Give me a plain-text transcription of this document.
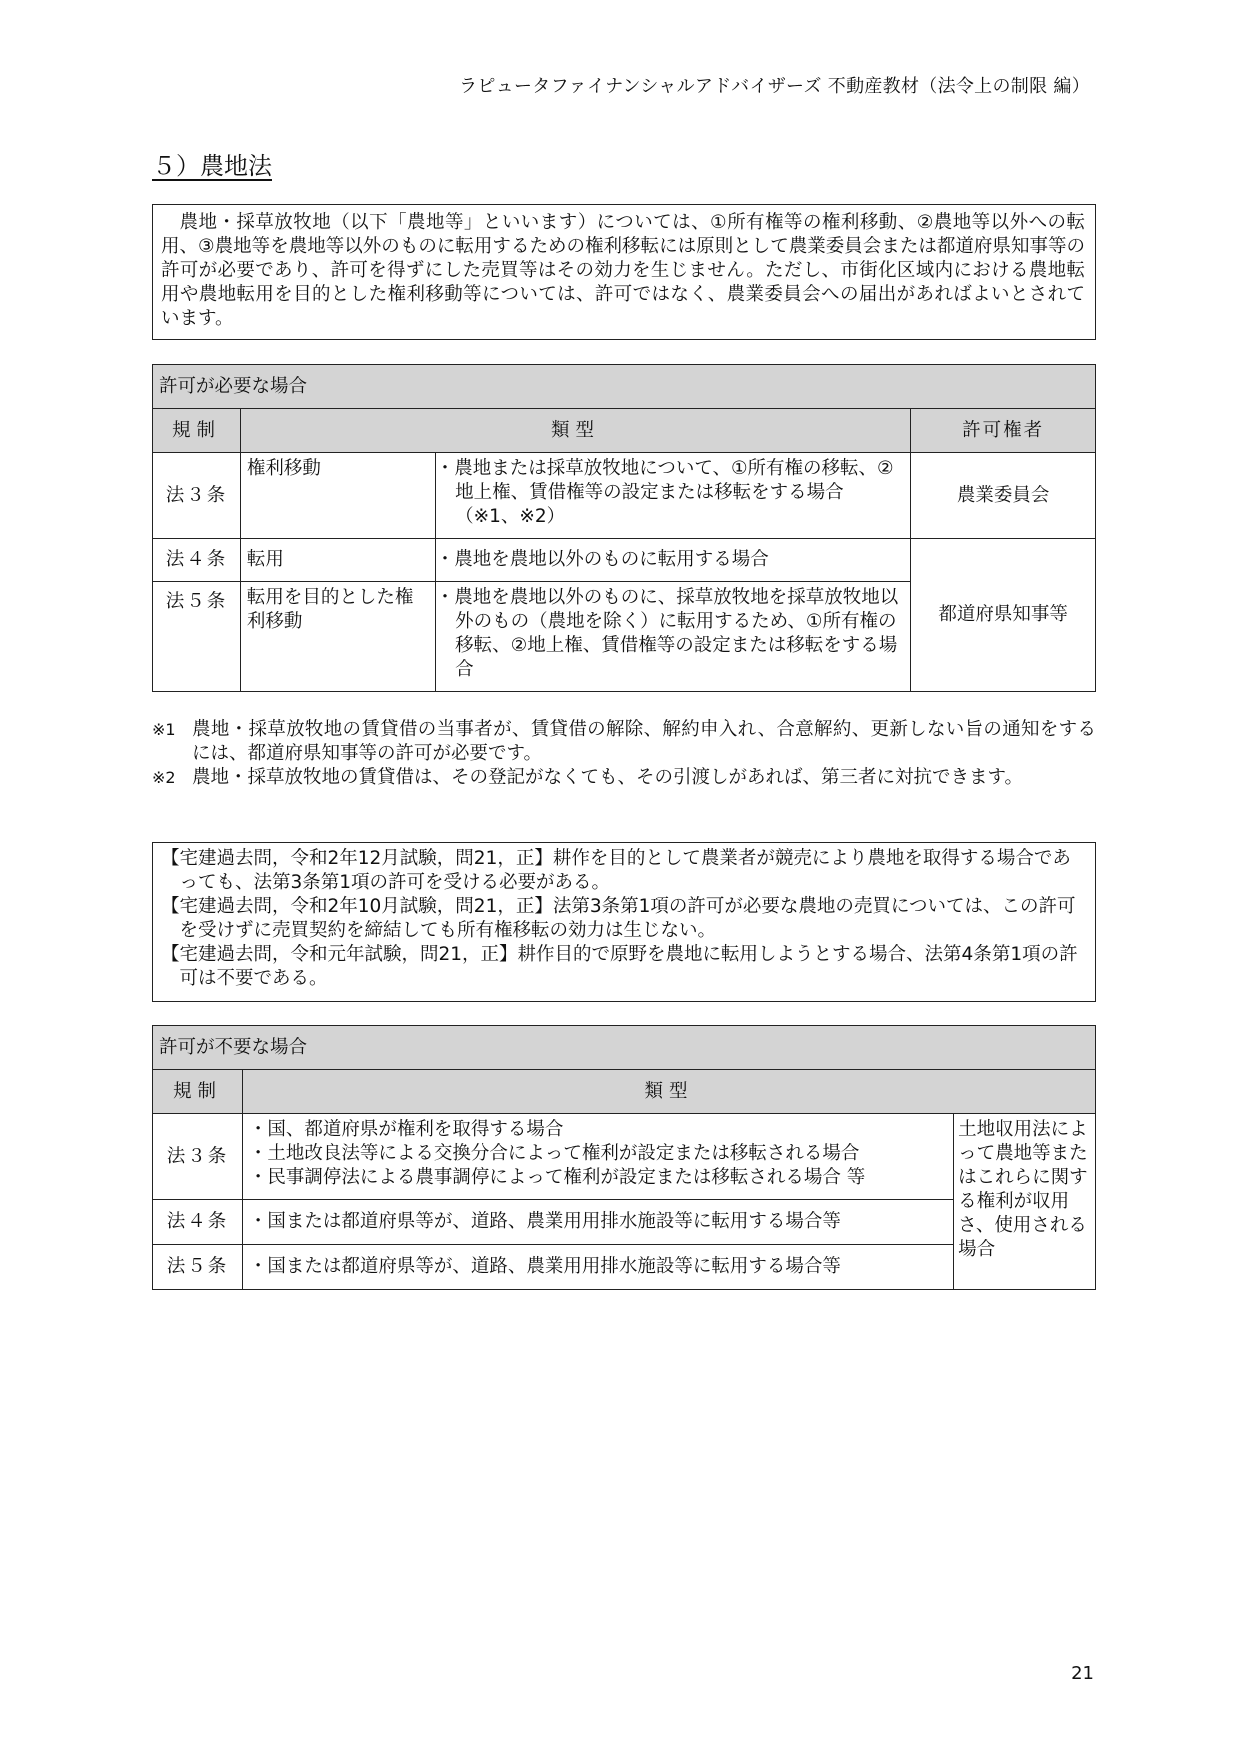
ラピュータファイナンシャルアドバイザーズ 不動産教材（法令上の制限 編）
５）農地法
農地・採草放牧地（以下「農地等」といいます）については、①所有権等の権利移動、②農地等以外への転用、③農地等を農地等以外のものに転用するための権利移転には原則として農業委員会または都道府県知事等の許可が必要であり、許可を得ずにした売買等はその効力を生じません。ただし、市街化区域内における農地転用や農地転用を目的とした権利移動等については、許可ではなく、農業委員会への届出があればよいとされています。
許可が必要な場合			
規制	類型		許可権者
法３条	権利移動	・農地または採草放牧地について、①所有権の移転、②地上権、賃借権等の設定または移転をする場合（※1、※2）	農業委員会
法４条	転用	・農地を農地以外のものに転用する場合	都道府県知事等
法５条	転用を目的とした権利移動	・農地を農地以外のものに、採草放牧地を採草放牧地以外のもの（農地を除く）に転用するため、①所有権の移転、②地上権、賃借権等の設定または移転をする場合	
※1 農地・採草放牧地の賃貸借の当事者が、賃貸借の解除、解約申入れ、合意解約、更新しない旨の通知をするには、都道府県知事等の許可が必要です。
※2 農地・採草放牧地の賃貸借は、その登記がなくても、その引渡しがあれば、第三者に対抗できます。
【宅建過去問，令和2年12月試験，問21，正】耕作を目的として農業者が競売により農地を取得する場合であっても、法第3条第1項の許可を受ける必要がある。
【宅建過去問，令和2年10月試験，問21，正】法第3条第1項の許可が必要な農地の売買については、この許可を受けずに売買契約を締結しても所有権移転の効力は生じない。
【宅建過去問，令和元年試験，問21，正】耕作目的で原野を農地に転用しようとする場合、法第4条第1項の許可は不要である。
許可が不要な場合		
規制	類型	
法３条	・国、都道府県が権利を取得する場合
・土地改良法等による交換分合によって権利が設定または移転される場合
・民事調停法による農事調停によって権利が設定または移転される場合 等	土地収用法によって農地等またはこれらに関する権利が収用さ、使用される場合
法４条	・国または都道府県等が、道路、農業用用排水施設等に転用する場合等	

法５条	・国または都道府県等が、道路、農業用用排水施設等に転用する場合等	
21
